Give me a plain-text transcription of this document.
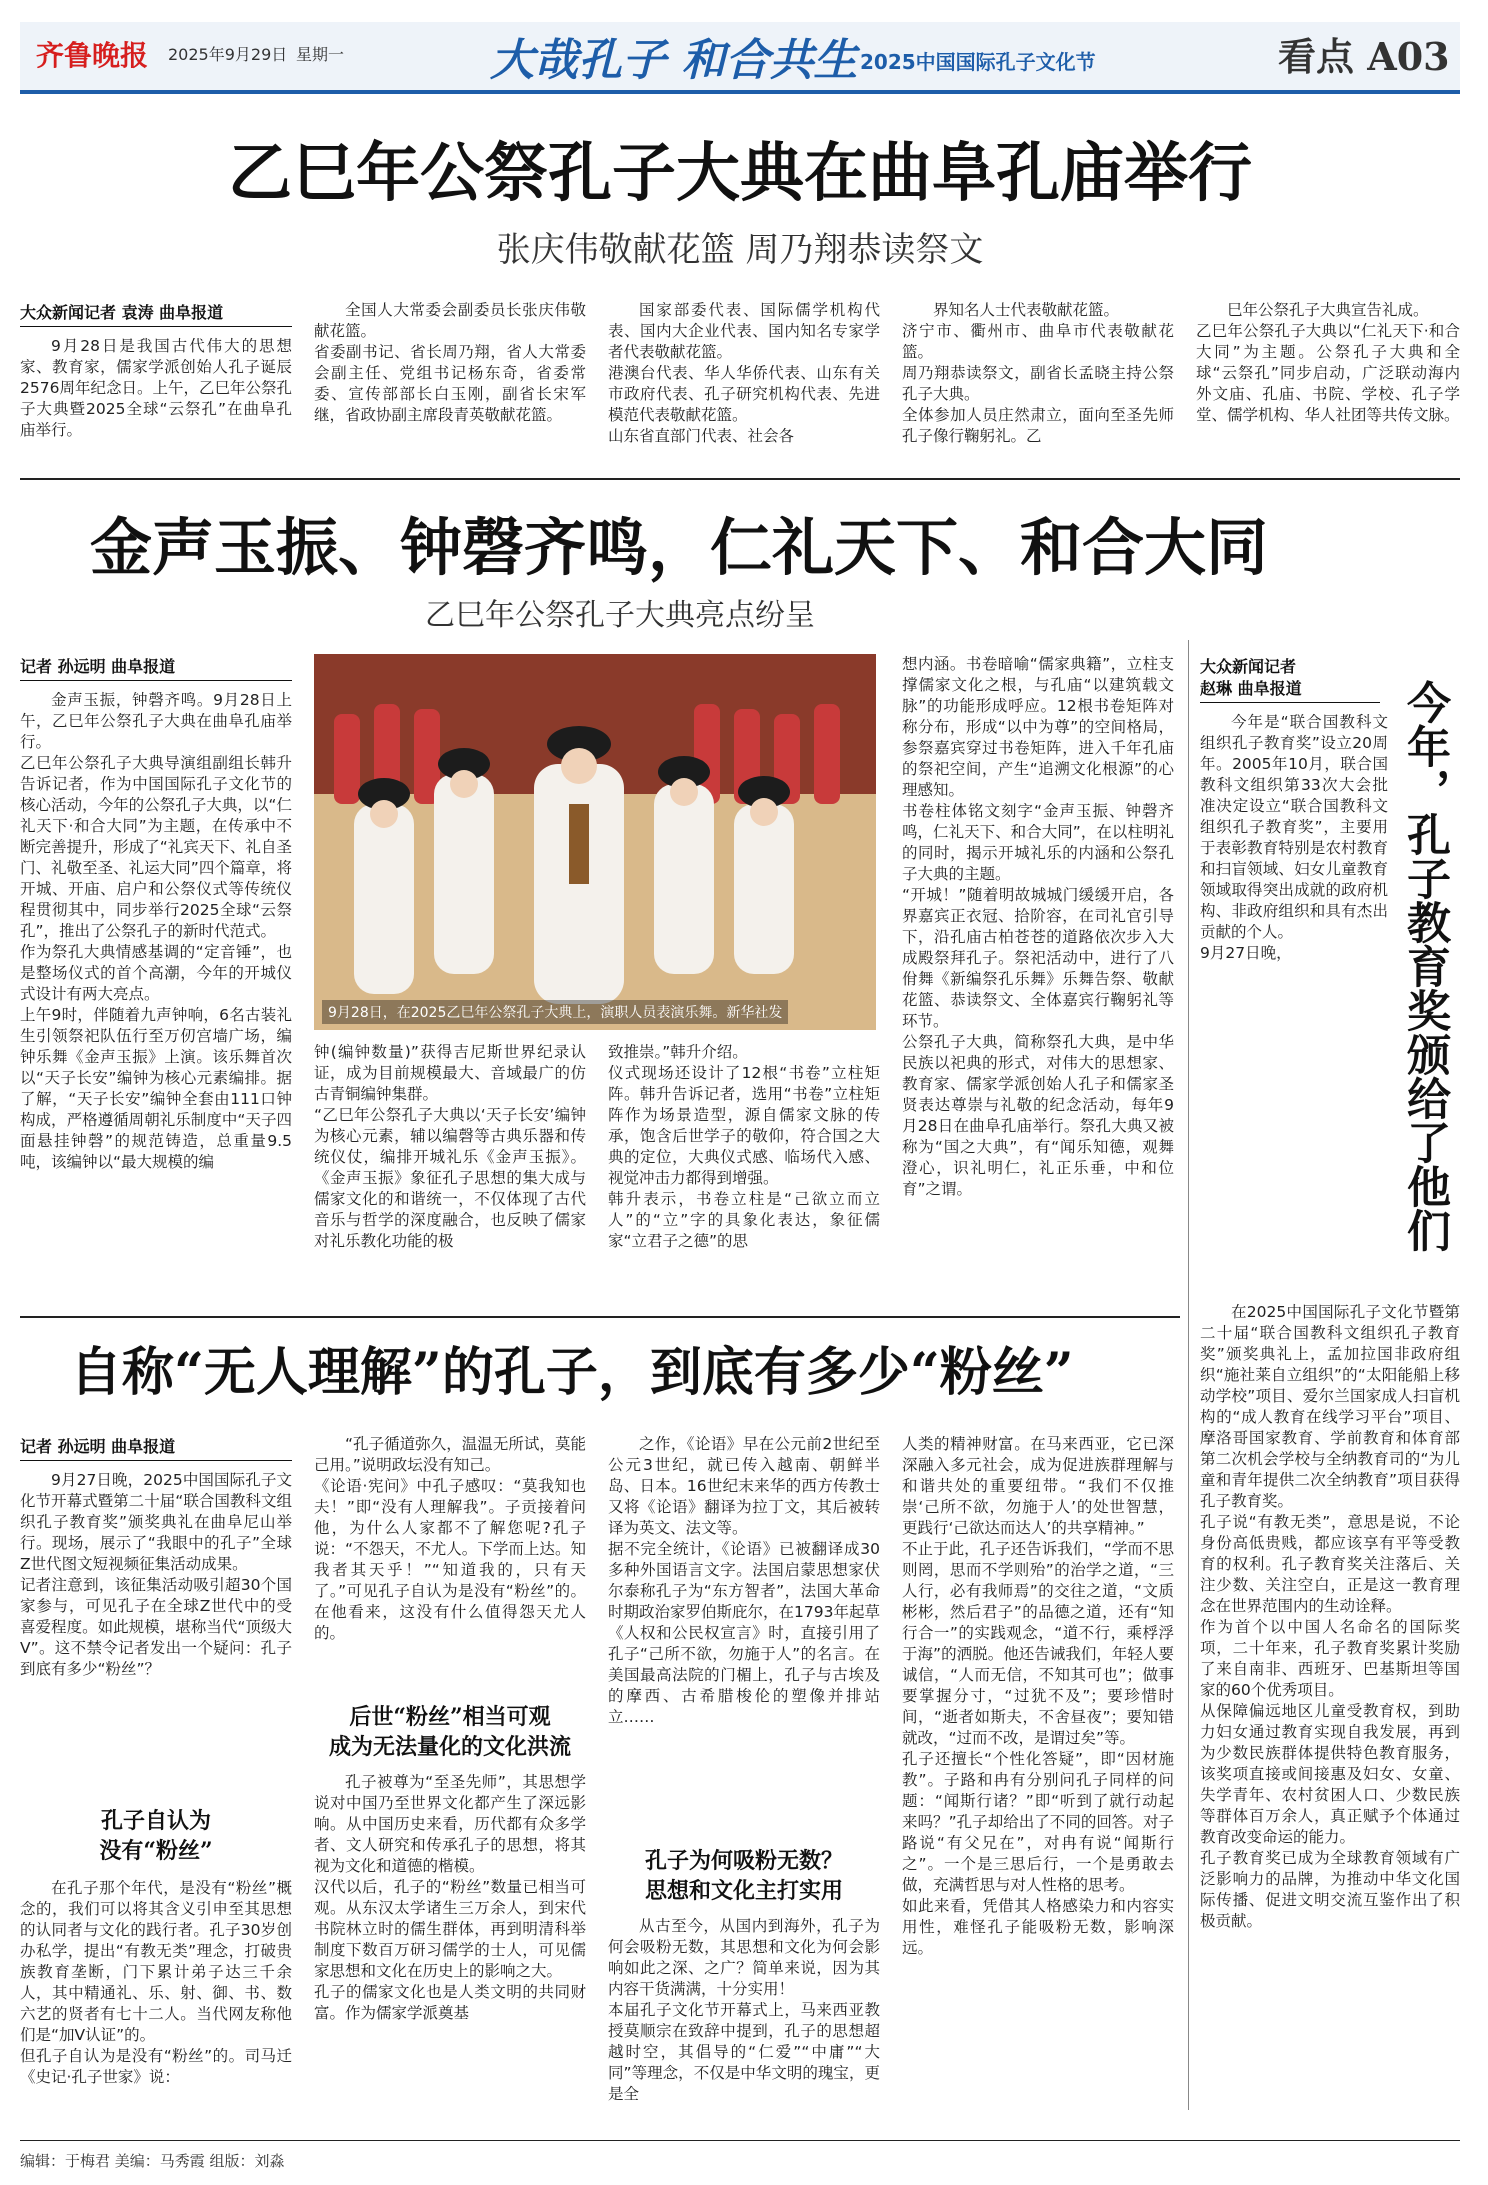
齐鲁晚报 2025年9月29日 星期一	大哉孔子 和合共生 2025中国国际孔子文化节	看点 A03
乙巳年公祭孔子大典在曲阜孔庙举行
张庆伟敬献花篮 周乃翔恭读祭文
大众新闻记者 袁涛 曲阜报道

9月28日是我国古代伟大的思想家、教育家，儒家学派创始人孔子诞辰2576周年纪念日。上午，乙巳年公祭孔子大典暨2025全球“云祭孔”在曲阜孔庙举行。

全国人大常委会副委员长张庆伟敬献花篮。
省委副书记、省长周乃翔，省人大常委会副主任、党组书记杨东奇，省委常委、宣传部部长白玉刚，副省长宋军继，省政协副主席段青英敬献花篮。

国家部委代表、国际儒学机构代表、国内大企业代表、国内知名专家学者代表敬献花篮。
港澳台代表、华人华侨代表、山东有关市政府代表、孔子研究机构代表、先进模范代表敬献花篮。
山东省直部门代表、社会各

界知名人士代表敬献花篮。
济宁市、衢州市、曲阜市代表敬献花篮。
周乃翔恭读祭文，副省长孟晓主持公祭孔子大典。
全体参加人员庄然肃立，面向至圣先师孔子像行鞠躬礼。乙

巳年公祭孔子大典宣告礼成。
乙巳年公祭孔子大典以“仁礼天下·和合大同”为主题。公祭孔子大典和全球“云祭孔”同步启动，广泛联动海内外文庙、孔庙、书院、学校、孔子学堂、儒学机构、华人社团等共传文脉。

金声玉振、钟磬齐鸣，仁礼天下、和合大同
乙巳年公祭孔子大典亮点纷呈
记者 孙远明 曲阜报道

金声玉振，钟磬齐鸣。9月28日上午，乙巳年公祭孔子大典在曲阜孔庙举行。
乙巳年公祭孔子大典导演组副组长韩升告诉记者，作为中国国际孔子文化节的核心活动，今年的公祭孔子大典，以“仁礼天下·和合大同”为主题，在传承中不断完善提升，形成了“礼宾天下、礼自圣门、礼敬至圣、礼运大同”四个篇章，将开城、开庙、启户和公祭仪式等传统仪程贯彻其中，同步举行2025全球“云祭孔”，推出了公祭孔子的新时代范式。
作为祭孔大典情感基调的“定音锤”，也是整场仪式的首个高潮，今年的开城仪式设计有两大亮点。
上午9时，伴随着九声钟响，6名古装礼生引领祭祀队伍行至万仞宫墙广场，编钟乐舞《金声玉振》上演。该乐舞首次以“天子长安”编钟为核心元素编排。据了解，“天子长安”编钟全套由111口钟构成，严格遵循周朝礼乐制度中“天子四面悬挂钟磬”的规范铸造，总重量9.5吨，该编钟以“最大规模的编

9月28日，在2025乙巳年公祭孔子大典上，演职人员表演乐舞。新华社发

钟(编钟数量)”获得吉尼斯世界纪录认证，成为目前规模最大、音域最广的仿古青铜编钟集群。
“乙巳年公祭孔子大典以‘天子长安’编钟为核心元素，辅以编磬等古典乐器和传统仪仗，编排开城礼乐《金声玉振》。《金声玉振》象征孔子思想的集大成与儒家文化的和谐统一，不仅体现了古代音乐与哲学的深度融合，也反映了儒家对礼乐教化功能的极

致推崇。”韩升介绍。
仪式现场还设计了12根“书卷”立柱矩阵。韩升告诉记者，选用“书卷”立柱矩阵作为场景造型，源自儒家文脉的传承，饱含后世学子的敬仰，符合国之大典的定位，大典仪式感、临场代入感、视觉冲击力都得到增强。
韩升表示，书卷立柱是“己欲立而立人”的“立”字的具象化表达，象征儒家“立君子之德”的思

想内涵。书卷暗喻“儒家典籍”，立柱支撑儒家文化之根，与孔庙“以建筑载文脉”的功能形成呼应。12根书卷矩阵对称分布，形成“以中为尊”的空间格局，参祭嘉宾穿过书卷矩阵，进入千年孔庙的祭祀空间，产生“追溯文化根源”的心理感知。
书卷柱体铭文刻字“金声玉振、钟磬齐鸣，仁礼天下、和合大同”，在以柱明礼的同时，揭示开城礼乐的内涵和公祭孔子大典的主题。
“开城！”随着明故城城门缓缓开启，各界嘉宾正衣冠、拾阶容，在司礼官引导下，沿孔庙古柏苍苍的道路依次步入大成殿祭拜孔子。祭祀活动中，进行了八佾舞《新编祭孔乐舞》乐舞告祭、敬献花篮、恭读祭文、全体嘉宾行鞠躬礼等环节。
公祭孔子大典，简称祭孔大典，是中华民族以祀典的形式，对伟大的思想家、教育家、儒家学派创始人孔子和儒家圣贤表达尊崇与礼敬的纪念活动，每年9月28日在曲阜孔庙举行。祭孔大典又被称为“国之大典”，有“闻乐知德，观舞澄心，识礼明仁，礼正乐垂，中和位育”之谓。

大众新闻记者
赵琳 曲阜报道	今年，孔子教育奖颁给了他们

今年是“联合国教科文组织孔子教育奖”设立20周年。2005年10月，联合国教科文组织第33次大会批准决定设立“联合国教科文组织孔子教育奖”，主要用于表彰教育特别是农村教育和扫盲领域、妇女儿童教育领域取得突出成就的政府机构、非政府组织和具有杰出贡献的个人。
9月27日晚，

在2025中国国际孔子文化节暨第二十届“联合国教科文组织孔子教育奖”颁奖典礼上，孟加拉国非政府组织“施社莱自立组织”的“太阳能船上移动学校”项目、爱尔兰国家成人扫盲机构的“成人教育在线学习平台”项目、摩洛哥国家教育、学前教育和体育部第二次机会学校与全纳教育司的“为儿童和青年提供二次全纳教育”项目获得孔子教育奖。
孔子说“有教无类”，意思是说，不论身份高低贵贱，都应该享有平等受教育的权利。孔子教育奖关注落后、关注少数、关注空白，正是这一教育理念在世界范围内的生动诠释。
作为首个以中国人名命名的国际奖项，二十年来，孔子教育奖累计奖励了来自南非、西班牙、巴基斯坦等国家的60个优秀项目。
从保障偏远地区儿童受教育权，到助力妇女通过教育实现自我发展，再到为少数民族群体提供特色教育服务，该奖项直接或间接惠及妇女、女童、失学青年、农村贫困人口、少数民族等群体百万余人，真正赋予个体通过教育改变命运的能力。
孔子教育奖已成为全球教育领域有广泛影响力的品牌，为推动中华文化国际传播、促进文明交流互鉴作出了积极贡献。

自称“无人理解”的孔子，到底有多少“粉丝”
记者 孙远明 曲阜报道

9月27日晚，2025中国国际孔子文化节开幕式暨第二十届“联合国教科文组织孔子教育奖”颁奖典礼在曲阜尼山举行。现场，展示了“我眼中的孔子”全球Z世代图文短视频征集活动成果。
记者注意到，该征集活动吸引超30个国家参与，可见孔子在全球Z世代中的受喜爱程度。如此规模，堪称当代“顶级大V”。这不禁令记者发出一个疑问：孔子到底有多少“粉丝”？

孔子自认为
没有“粉丝”

在孔子那个年代，是没有“粉丝”概念的，我们可以将其含义引申至其思想的认同者与文化的践行者。孔子30岁创办私学，提出“有教无类”理念，打破贵族教育垄断，门下累计弟子达三千余人，其中精通礼、乐、射、御、书、数六艺的贤者有七十二人。当代网友称他们是“加V认证”的。
但孔子自认为是没有“粉丝”的。司马迁《史记·孔子世家》说：

“孔子循道弥久，温温无所试，莫能己用。”说明政坛没有知己。
《论语·宪问》中孔子感叹：“莫我知也夫！”即“没有人理解我”。子贡接着问他，为什么人家都不了解您呢?孔子说：“不怨天，不尤人。下学而上达。知我者其天乎！”“知道我的，只有天了。”可见孔子自认为是没有“粉丝”的。在他看来，这没有什么值得怨天尤人的。

后世“粉丝”相当可观
成为无法量化的文化洪流

孔子被尊为“至圣先师”，其思想学说对中国乃至世界文化都产生了深远影响。从中国历史来看，历代都有众多学者、文人研究和传承孔子的思想，将其视为文化和道德的楷模。
汉代以后，孔子的“粉丝”数量已相当可观。从东汉太学诸生三万余人，到宋代书院林立时的儒生群体，再到明清科举制度下数百万研习儒学的士人，可见儒家思想和文化在历史上的影响之大。
孔子的儒家文化也是人类文明的共同财富。作为儒家学派奠基

之作，《论语》早在公元前2世纪至公元3世纪，就已传入越南、朝鲜半岛、日本。16世纪末来华的西方传教士又将《论语》翻译为拉丁文，其后被转译为英文、法文等。
据不完全统计，《论语》已被翻译成30多种外国语言文字。法国启蒙思想家伏尔泰称孔子为“东方智者”，法国大革命时期政治家罗伯斯庇尔，在1793年起草《人权和公民权宣言》时，直接引用了孔子“己所不欲，勿施于人”的名言。在美国最高法院的门楣上，孔子与古埃及的摩西、古希腊梭伦的塑像并排站立……

孔子为何吸粉无数？
思想和文化主打实用

从古至今，从国内到海外，孔子为何会吸粉无数，其思想和文化为何会影响如此之深、之广？简单来说，因为其内容干货满满，十分实用！
本届孔子文化节开幕式上，马来西亚教授莫顺宗在致辞中提到，孔子的思想超越时空，其倡导的“仁爱”“中庸”“大同”等理念，不仅是中华文明的瑰宝，更是全

人类的精神财富。在马来西亚，它已深深融入多元社会，成为促进族群理解与和谐共处的重要纽带。“我们不仅推崇‘己所不欲，勿施于人’的处世智慧，更践行‘己欲达而达人’的共享精神。”
不止于此，孔子还告诉我们，“学而不思则罔，思而不学则殆”的治学之道，“三人行，必有我师焉”的交往之道，“文质彬彬，然后君子”的品德之道，还有“知行合一”的实践观念，“道不行，乘桴浮于海”的洒脱。他还告诫我们，年轻人要诚信，“人而无信，不知其可也”；做事要掌握分寸，“过犹不及”；要珍惜时间，“逝者如斯夫，不舍昼夜”；要知错就改，“过而不改，是谓过矣”等。
孔子还擅长“个性化答疑”，即“因材施教”。子路和冉有分别问孔子同样的问题：“闻斯行诸？”即“听到了就行动起来吗？”孔子却给出了不同的回答。对子路说“有父兄在”，对冉有说“闻斯行之”。一个是三思后行，一个是勇敢去做，充满哲思与对人性格的思考。
如此来看，凭借其人格感染力和内容实用性，难怪孔子能吸粉无数，影响深远。

编辑：于梅君 美编：马秀霞 组版：刘淼
